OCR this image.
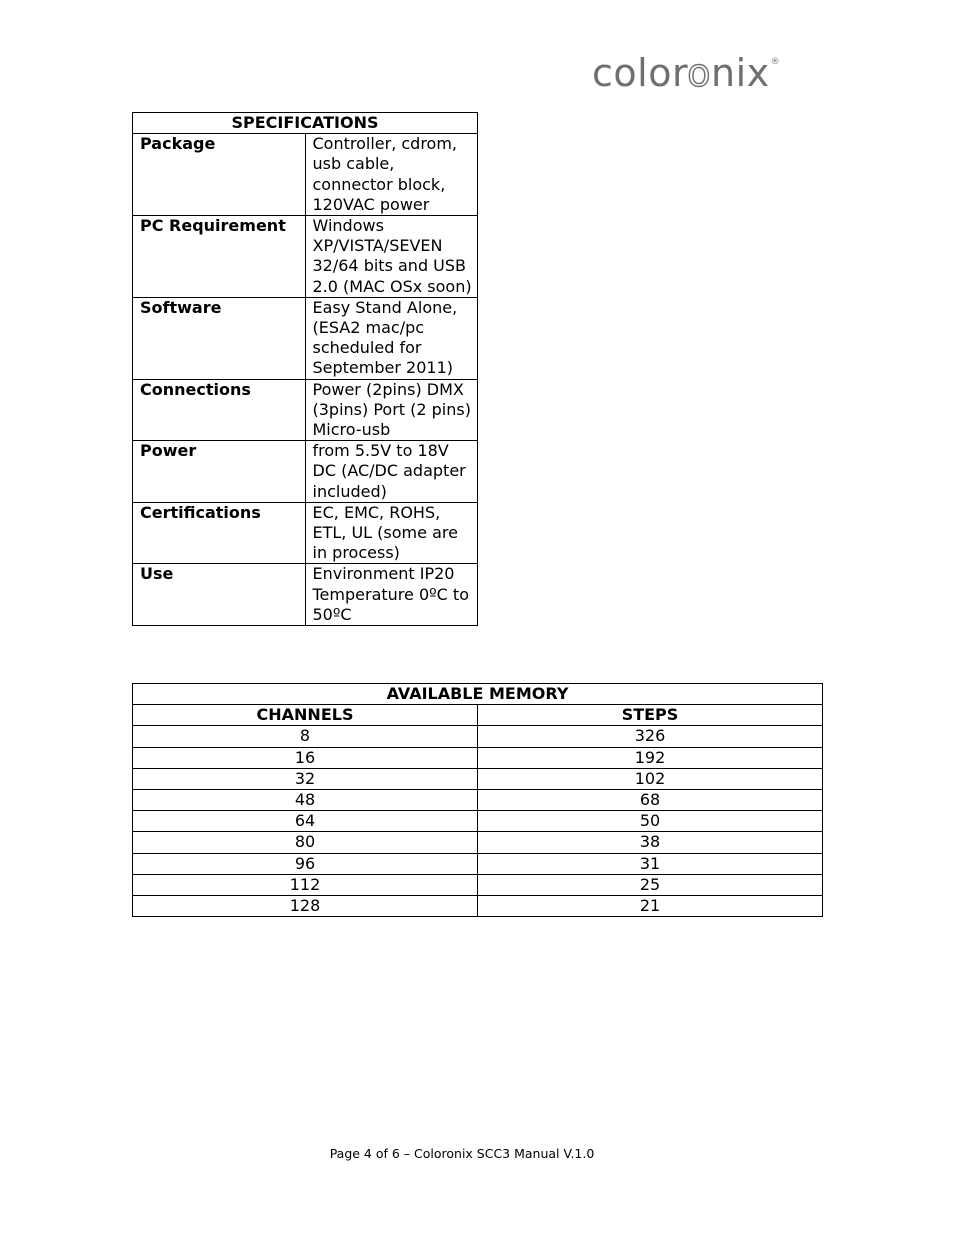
coloronix®
SPECIFICATIONS	
Package	Controller, cdrom, usb cable, connector block, 120VAC power
PC Requirement	Windows XP/VISTA/SEVEN 32/64 bits and USB 2.0 (MAC OSx soon)
Software	Easy Stand Alone, (ESA2 mac/pc scheduled for September 2011)
Connections	Power (2pins) DMX (3pins) Port (2 pins) Micro-usb
Power	from 5.5V to 18V DC (AC/DC adapter included)
Certifications	EC, EMC, ROHS, ETL, UL (some are in process)
Use	Environment IP20 Temperature 0ºC to 50ºC
AVAILABLE MEMORY	
CHANNELS	STEPS
8	326
16	192
32	102
48	68
64	50
80	38
96	31
112	25
128	21
Page 4 of 6 – Coloronix SCC3 Manual V.1.0
